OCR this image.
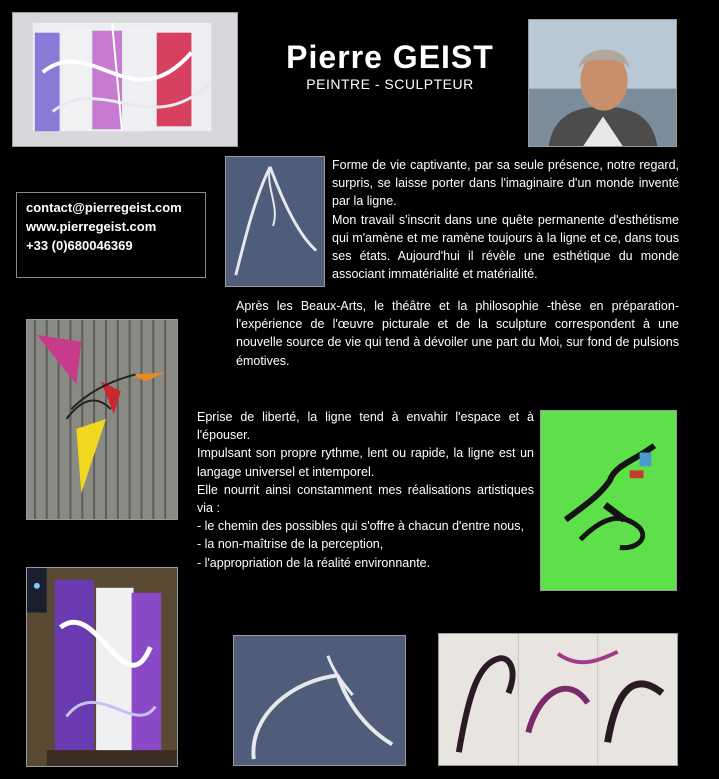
Pierre GEIST
PEINTRE - SCULPTEUR
contact@pierregeist.com
www.pierregeist.com
+33 (0)680046369

Forme de vie captivante, par sa seule présence, notre regard, surpris, se laisse porter dans l'imaginaire d'un monde inventé par la ligne.

Mon travail s'inscrit dans une quête permanente d'esthétisme qui m'amène et me ramène toujours à la ligne et ce, dans tous ses états. Aujourd'hui il révèle une esthétique du monde associant immatérialité et matérialité.

Après les Beaux-Arts, le théâtre et la philosophie -thèse en préparation- l'expérience de l'œuvre picturale et de la sculpture correspondent à une nouvelle source de vie qui tend à dévoiler une part du Moi, sur fond de pulsions émotives.

Eprise de liberté, la ligne tend à envahir l'espace et à l'épouser.

Impulsant son propre rythme, lent ou rapide, la ligne est un langage universel et intemporel.

Elle nourrit ainsi constamment mes réalisations artistiques via :

- le chemin des possibles qui s'offre à chacun d'entre nous,

- la non-maîtrise de la perception,

- l'appropriation de la réalité environnante.
